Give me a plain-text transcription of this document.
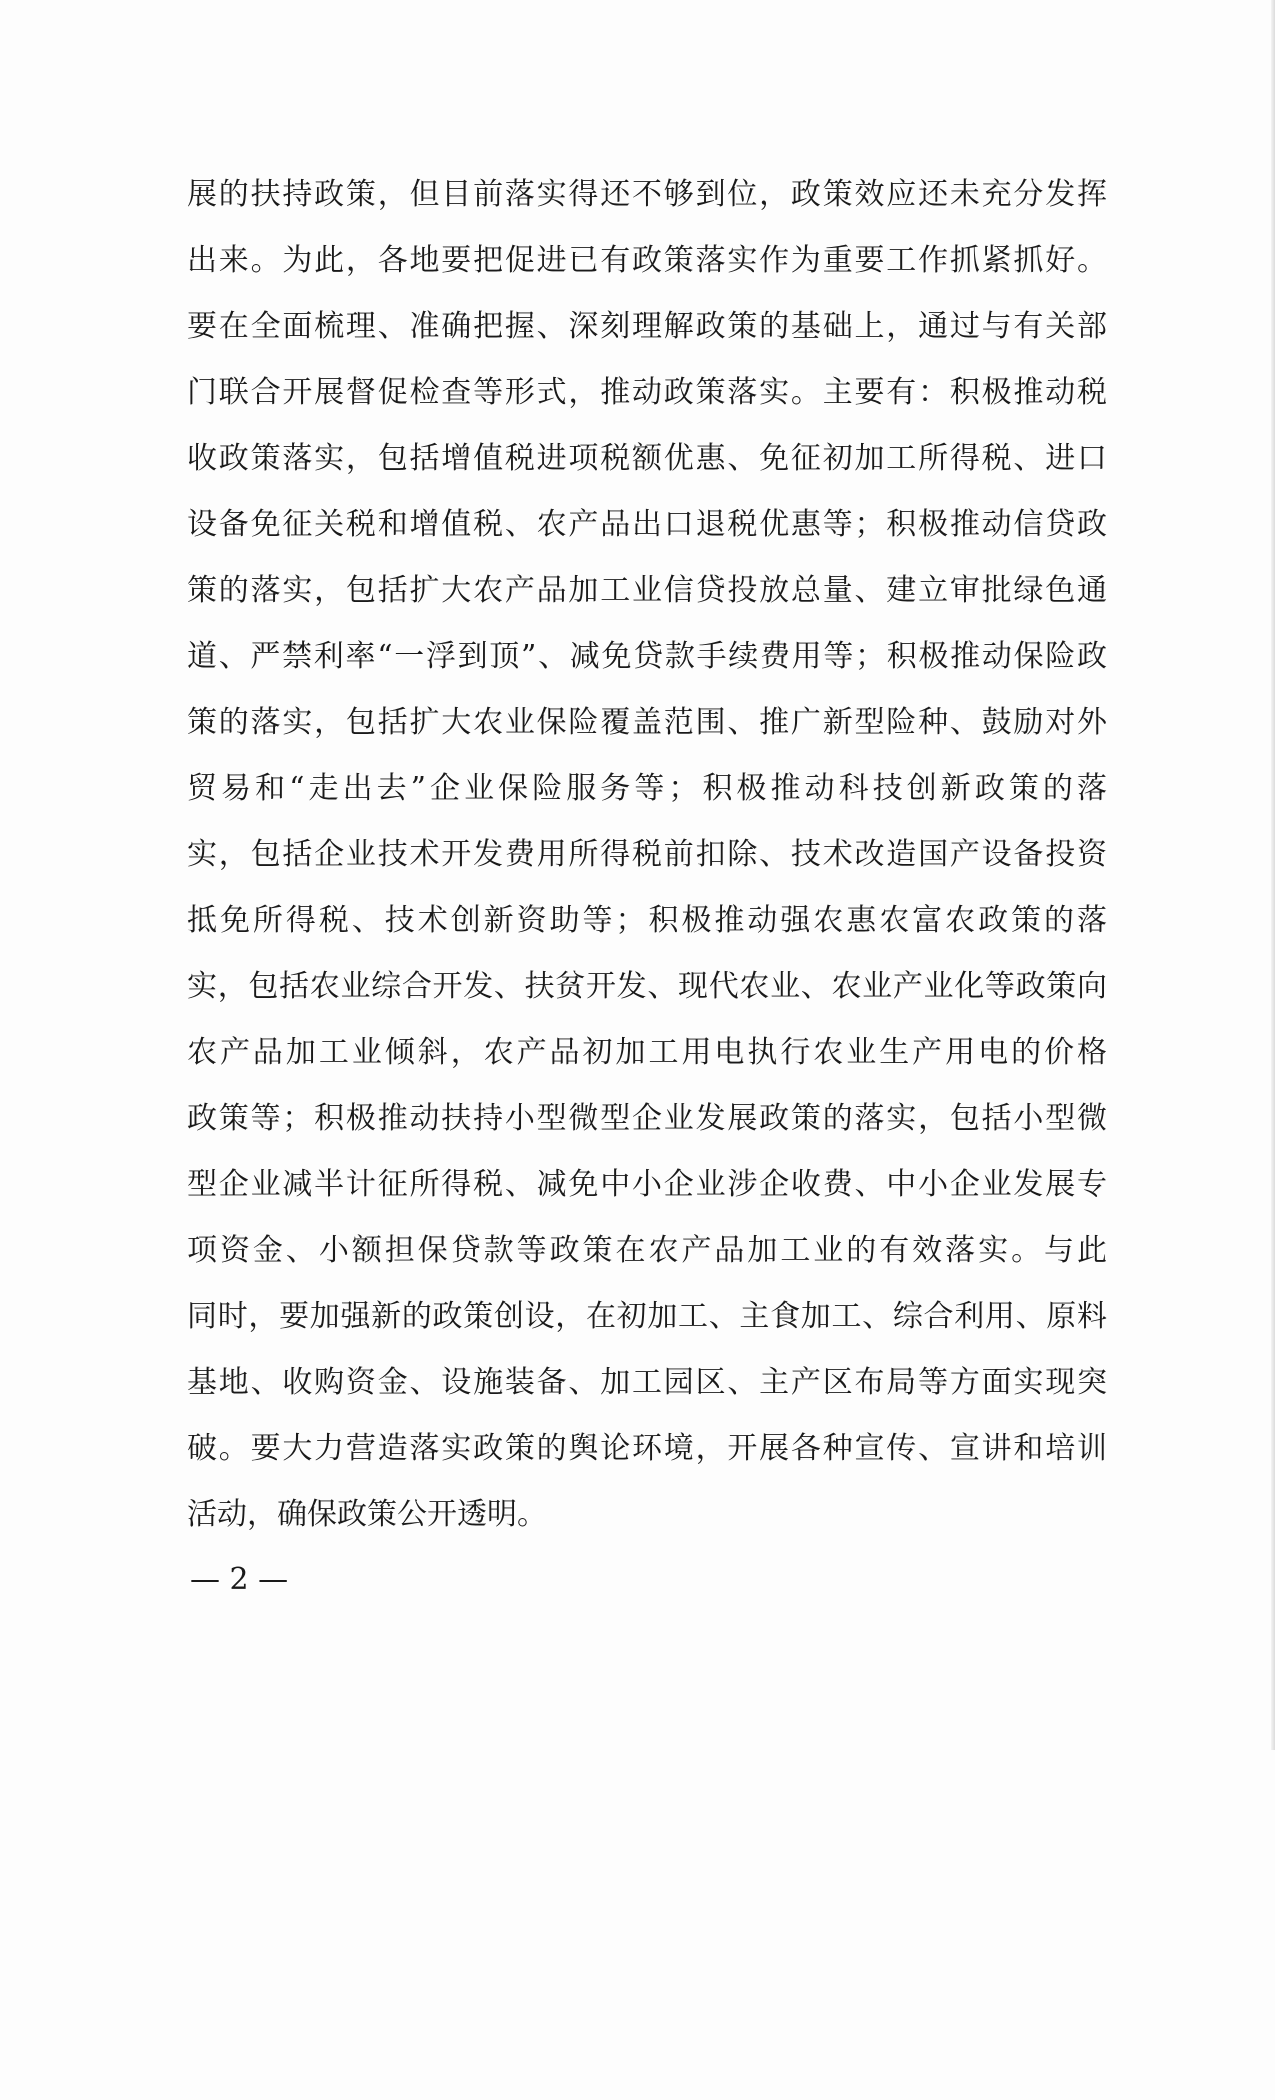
展的扶持政策，但目前落实得还不够到位，政策效应还未充分发挥
出来。为此，各地要把促进已有政策落实作为重要工作抓紧抓好。
要在全面梳理、准确把握、深刻理解政策的基础上，通过与有关部
门联合开展督促检查等形式，推动政策落实。主要有：积极推动税
收政策落实，包括增值税进项税额优惠、免征初加工所得税、进口
设备免征关税和增值税、农产品出口退税优惠等；积极推动信贷政
策的落实，包括扩大农产品加工业信贷投放总量、建立审批绿色通
道、严禁利率“一浮到顶”、减免贷款手续费用等；积极推动保险政
策的落实，包括扩大农业保险覆盖范围、推广新型险种、鼓励对外
贸易和“走出去”企业保险服务等；积极推动科技创新政策的落
实，包括企业技术开发费用所得税前扣除、技术改造国产设备投资
抵免所得税、技术创新资助等；积极推动强农惠农富农政策的落
实，包括农业综合开发、扶贫开发、现代农业、农业产业化等政策向
农产品加工业倾斜，农产品初加工用电执行农业生产用电的价格
政策等；积极推动扶持小型微型企业发展政策的落实，包括小型微
型企业减半计征所得税、减免中小企业涉企收费、中小企业发展专
项资金、小额担保贷款等政策在农产品加工业的有效落实。与此
同时，要加强新的政策创设，在初加工、主食加工、综合利用、原料
基地、收购资金、设施装备、加工园区、主产区布局等方面实现突
破。要大力营造落实政策的舆论环境，开展各种宣传、宣讲和培训
活动，确保政策公开透明。
— 2 —
